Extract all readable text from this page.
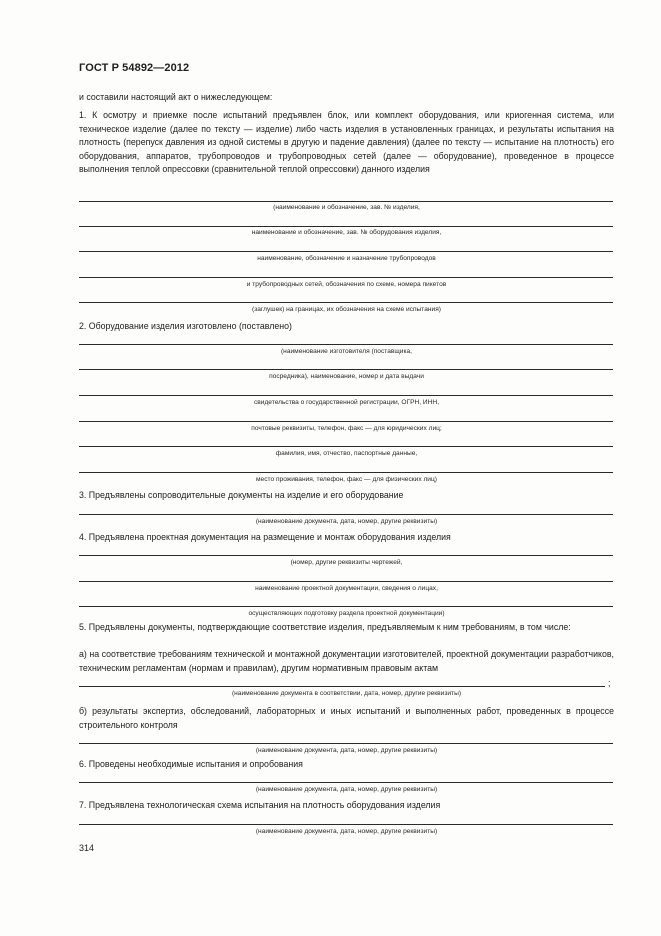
ГОСТ Р 54892—2012
и составили настоящий акт о нижеследующем:
1. К осмотру и приемке после испытаний предъявлен блок, или комплект оборудования, или криогенная система, или техническое изделие (далее по тексту — изделие) либо часть изделия в установленных границах, и результаты испытания на плотность (перепуск давления из одной системы в другую и падение давления) (далее по тексту — испытание на плотность) его оборудования, аппаратов, трубопроводов и трубопроводных сетей (далее — оборудование), проведенное в процессе выполнения теплой опрессовки (сравнительной теплой опрессовки) данного изделия
(наименование и обозначение, зав. № изделия,
наименование и обозначение, зав. № оборудования изделия,
наименование, обозначение и назначение трубопроводов
и трубопроводных сетей, обозначения по схеме, номера пикетов
(заглушек) на границах, их обозначения на схеме испытания)
2. Оборудование изделия изготовлено (поставлено)
(наименование изготовителя (поставщика,
посредника), наименование, номер и дата выдачи
свидетельства о государственной регистрации, ОГРН, ИНН,
почтовые реквизиты, телефон, факс — для юридических лиц;
фамилия, имя, отчество, паспортные данные,
место проживания, телефон, факс — для физических лиц)
3. Предъявлены сопроводительные документы на изделие и его оборудование
(наименование документа, дата, номер, другие реквизиты)
4. Предъявлена проектная документация на размещение и монтаж оборудования изделия
(номер, другие реквизиты чертежей,
наименование проектной документации, сведения о лицах,
осуществляющих подготовку раздела проектной документации)
5. Предъявлены документы, подтверждающие соответствие изделия, предъявляемым к ним требованиям, в том числе:
а) на соответствие требованиям технической и монтажной документации изготовителей, проектной документации разработчиков, техническим регламентам (нормам и правилам), другим нормативным правовым актам
;
(наименование документа в соответствии, дата, номер, другие реквизиты)
б) результаты экспертиз, обследований, лабораторных и иных испытаний и выполненных работ, проведенных в процессе строительного контроля
(наименование документа, дата, номер, другие реквизиты)
6. Проведены необходимые испытания и опробования
(наименование документа, дата, номер, другие реквизиты)
7. Предъявлена технологическая схема испытания на плотность оборудования изделия
(наименование документа, дата, номер, другие реквизиты)
314
